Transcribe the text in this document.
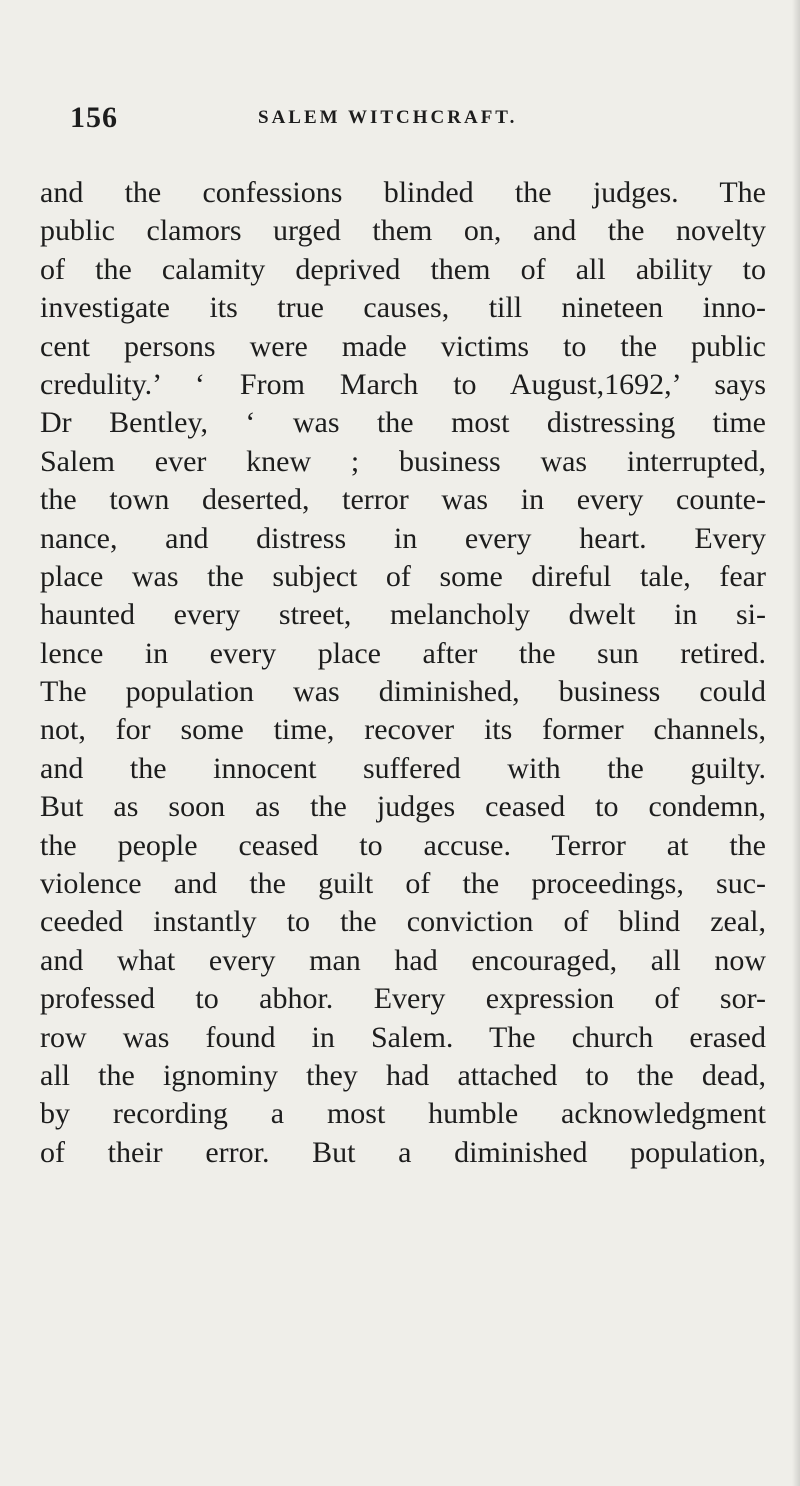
156	SALEM WITCHCRAFT.
and the confessions blinded the judges. The
public clamors urged them on, and the novelty
of the calamity deprived them of all ability to
investigate its true causes, till nineteen inno-
cent persons were made victims to the public
credulity.’ ‘ From March to August,1692,’ says
Dr Bentley, ‘ was the most distressing time
Salem ever knew ; business was interrupted,
the town deserted, terror was in every counte-
nance, and distress in every heart. Every
place was the subject of some direful tale, fear
haunted every street, melancholy dwelt in si-
lence in every place after the sun retired.
The population was diminished, business could
not, for some time, recover its former channels,
and the innocent suffered with the guilty.
But as soon as the judges ceased to condemn,
the people ceased to accuse. Terror at the
violence and the guilt of the proceedings, suc-
ceeded instantly to the conviction of blind zeal,
and what every man had encouraged, all now
professed to abhor. Every expression of sor-
row was found in Salem. The church erased
all the ignominy they had attached to the dead,
by recording a most humble acknowledgment
of their error. But a diminished population,
